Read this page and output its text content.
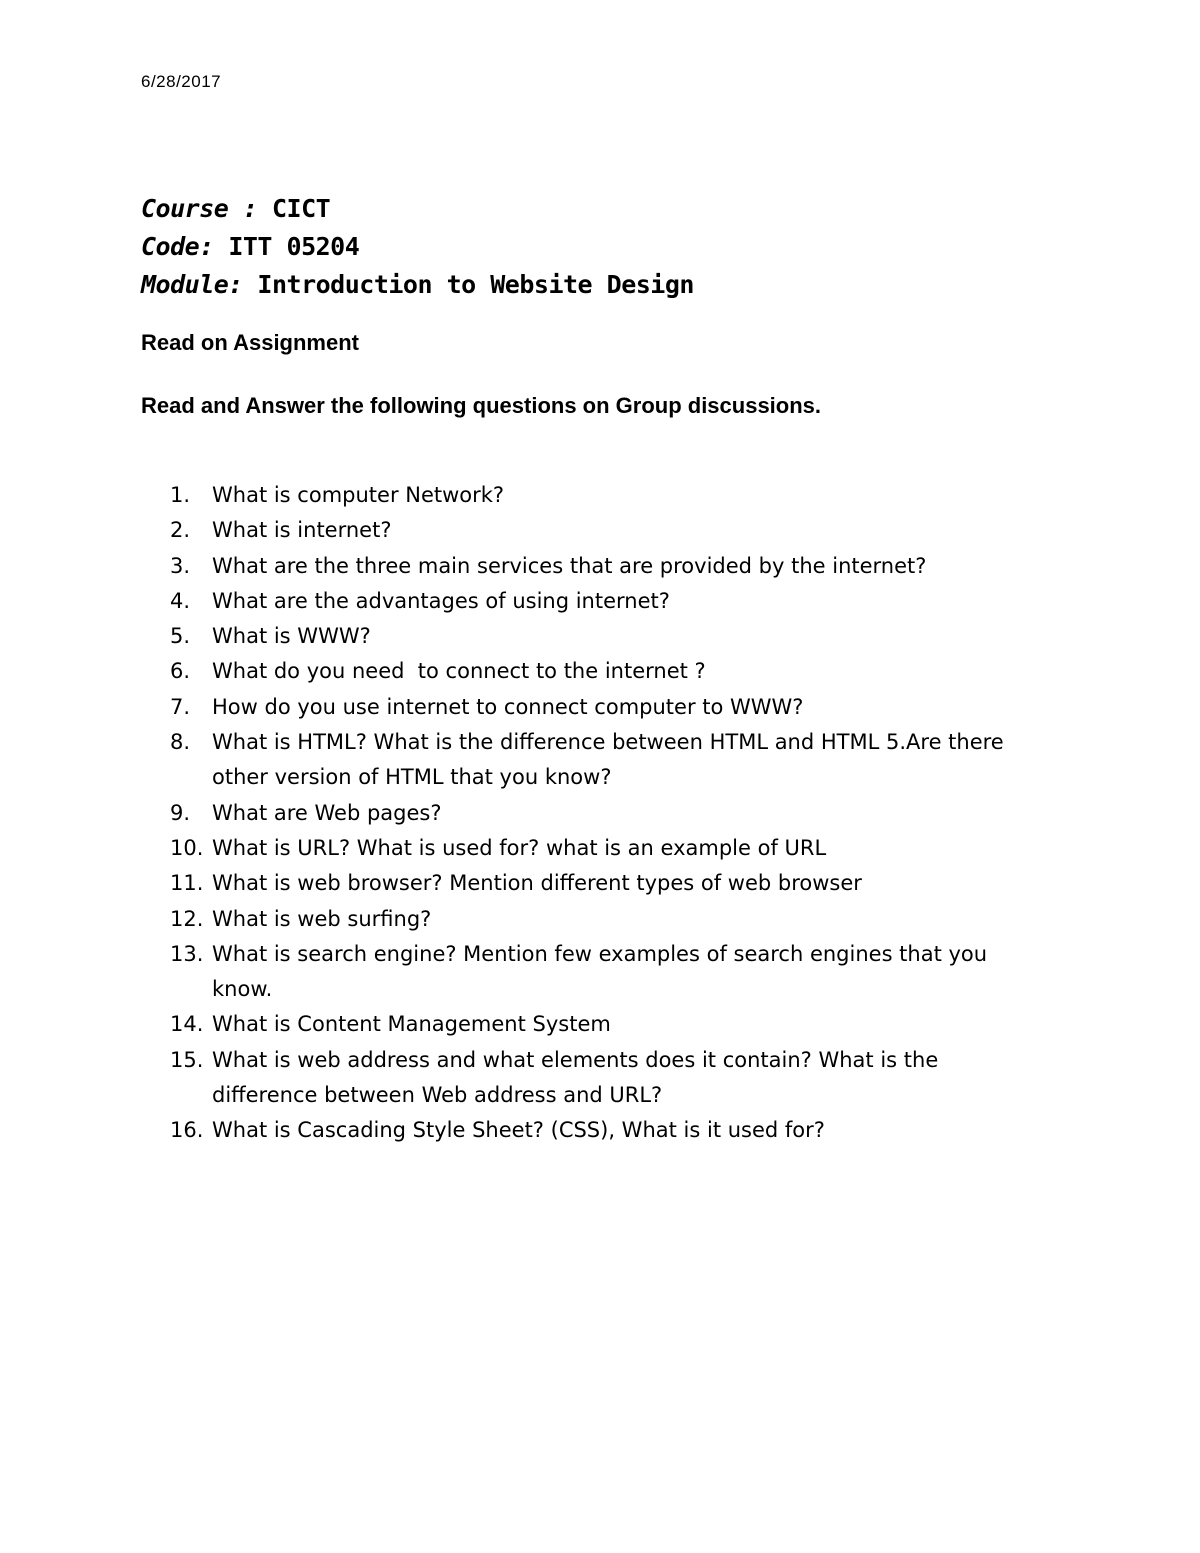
6/28/2017
Course : CICT
Code: ITT 05204
Module: Introduction to Website Design
Read on Assignment
Read and Answer the following questions on Group discussions.
1.	What is computer Network?
2.	What is internet?
3.	What are the three main services that are provided by the internet?
4.	What are the advantages of using internet?
5.	What is WWW?
6.	What do you need  to connect to the internet ?
7.	How do you use internet to connect computer to WWW?
8.	What is HTML? What is the difference between HTML and HTML 5.Are there other version of HTML that you know?
9.	What are Web pages?
10. What is URL? What is used for? what is an example of URL
11. What is web browser? Mention different types of web browser
12. What is web surfing?
13. What is search engine? Mention few examples of search engines that you know.
14. What is Content Management System
15. What is web address and what elements does it contain? What is the difference between Web address and URL?
16. What is Cascading Style Sheet? (CSS), What is it used for?
